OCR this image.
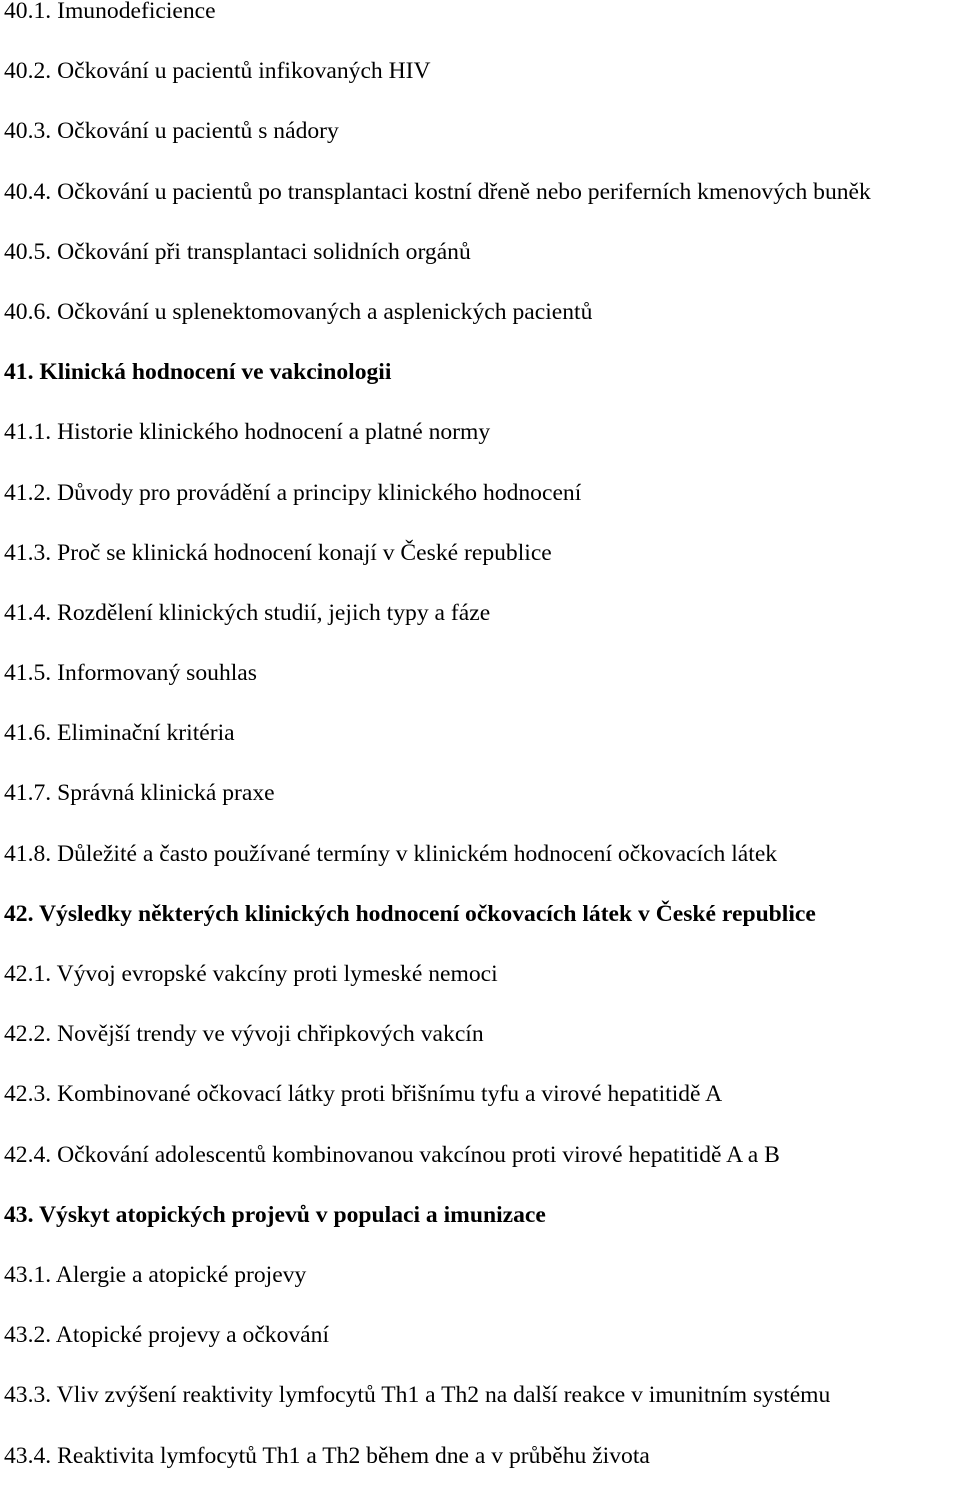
40.1. Imunodeficience
40.2. Očkování u pacientů infikovaných HIV
40.3. Očkování u pacientů s nádory
40.4. Očkování u pacientů po transplantaci kostní dřeně nebo periferních kmenových buněk
40.5. Očkování při transplantaci solidních orgánů
40.6. Očkování u splenektomovaných a asplenických pacientů
41. Klinická hodnocení ve vakcinologii
41.1. Historie klinického hodnocení a platné normy
41.2. Důvody pro provádění a principy klinického hodnocení
41.3. Proč se klinická hodnocení konají v České republice
41.4. Rozdělení klinických studií, jejich typy a fáze
41.5. Informovaný souhlas
41.6. Eliminační kritéria
41.7. Správná klinická praxe
41.8. Důležité a často používané termíny v klinickém hodnocení očkovacích látek
42. Výsledky některých klinických hodnocení očkovacích látek v České republice
42.1. Vývoj evropské vakcíny proti lymeské nemoci
42.2. Novější trendy ve vývoji chřipkových vakcín
42.3. Kombinované očkovací látky proti břišnímu tyfu a virové hepatitidě A
42.4. Očkování adolescentů kombinovanou vakcínou proti virové hepatitidě A a B
43. Výskyt atopických projevů v populaci a imunizace
43.1. Alergie a atopické projevy
43.2. Atopické projevy a očkování
43.3. Vliv zvýšení reaktivity lymfocytů Th1 a Th2 na další reakce v imunitním systému
43.4. Reaktivita lymfocytů Th1 a Th2 během dne a v průběhu života
